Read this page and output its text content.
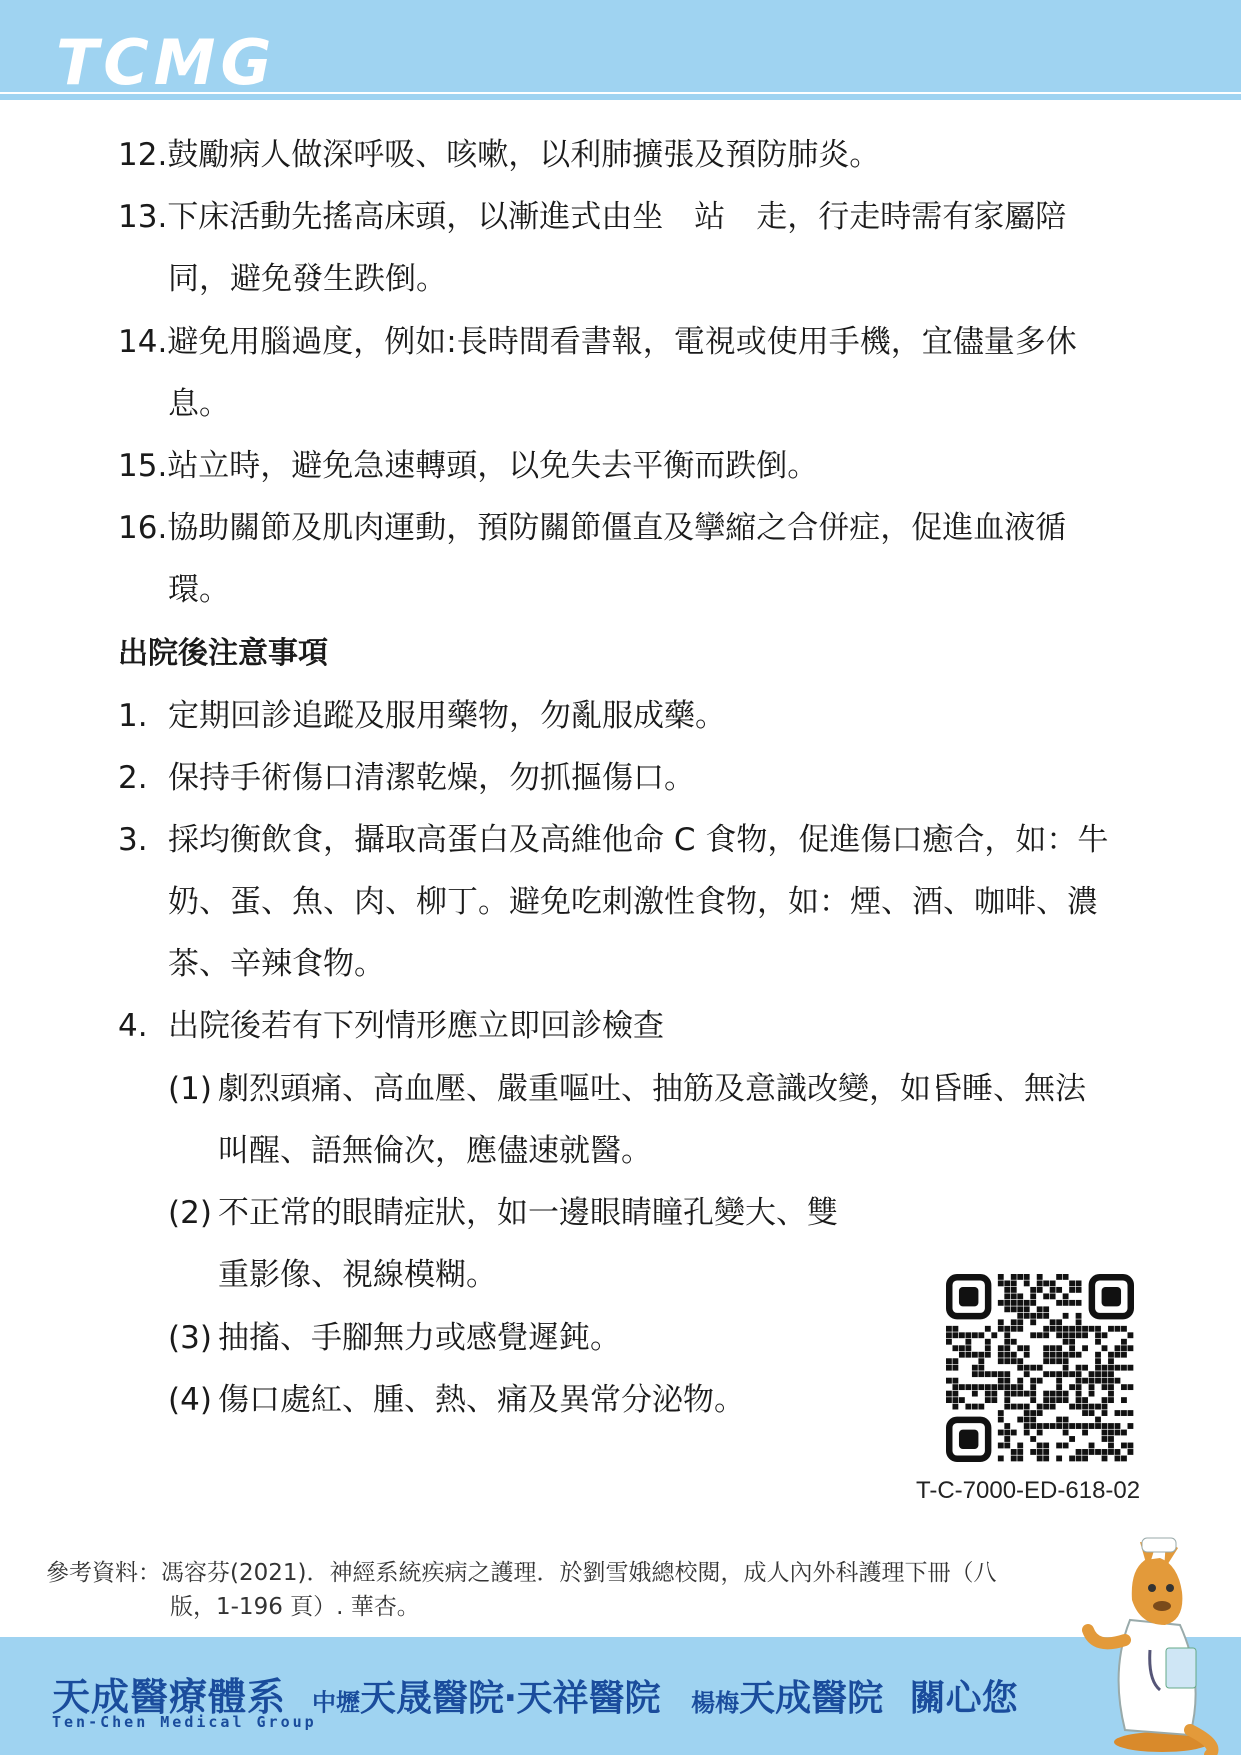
TCMG
12.鼓勵病人做深呼吸、咳嗽，以利肺擴張及預防肺炎。
13.下床活動先搖高床頭，以漸進式由坐　站　走，行走時需有家屬陪
同，避免發生跌倒。
14.避免用腦過度，例如:長時間看書報，電視或使用手機，宜儘量多休
息。
15.站立時，避免急速轉頭，以免失去平衡而跌倒。
16.協助關節及肌肉運動，預防關節僵直及攣縮之合併症，促進血液循
環。
出院後注意事項
1. 定期回診追蹤及服用藥物，勿亂服成藥。
2. 保持手術傷口清潔乾燥，勿抓摳傷口。
3. 採均衡飲食，攝取高蛋白及高維他命 C 食物，促進傷口癒合，如：牛
奶、蛋、魚、肉、柳丁。避免吃刺激性食物，如：煙、酒、咖啡、濃
茶、辛辣食物。
4. 出院後若有下列情形應立即回診檢查
(1) 劇烈頭痛、高血壓、嚴重嘔吐、抽筋及意識改變，如昏睡、無法
叫醒、語無倫次，應儘速就醫。
(2) 不正常的眼睛症狀，如一邊眼睛瞳孔變大、雙
重影像、視線模糊。
(3) 抽搐、手腳無力或感覺遲鈍。
(4) 傷口處紅、腫、熱、痛及異常分泌物。
T-C-7000-ED-618-02
參考資料：馮容芬(2021)．神經系統疾病之護理．於劉雪娥總校閱，成人內外科護理下冊（八
版，1-196 頁）. 華杏。
天成醫療體系
Ten-Chen Medical Group
中壢天晟醫院‧天祥醫院 楊梅天成醫院 關心您
